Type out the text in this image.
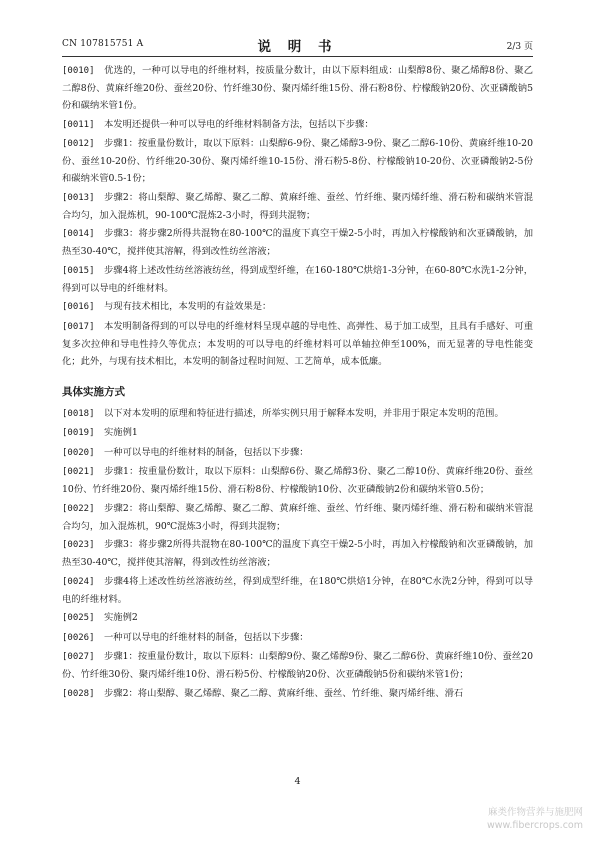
CN 107815751 A	说 明 书	2/3 页
[0010] 优选的，一种可以导电的纤维材料，按质量分数计，由以下原料组成：山梨醇8份、聚乙烯醇8份、聚乙二醇8份、黄麻纤维20份、蚕丝20份、竹纤维30份、聚丙烯纤维15份、滑石粉8份、柠檬酸钠20份、次亚磷酸钠5份和碳纳米管1份。
[0011] 本发明还提供一种可以导电的纤维材料制备方法，包括以下步骤：
[0012] 步骤1：按重量份数计，取以下原料：山梨醇6-9份、聚乙烯醇3-9份、聚乙二醇6-10份、黄麻纤维10-20份、蚕丝10-20份、竹纤维20-30份、聚丙烯纤维10-15份、滑石粉5-8份、柠檬酸钠10-20份、次亚磷酸钠2-5份和碳纳米管0.5-1份；
[0013] 步骤2：将山梨醇、聚乙烯醇、聚乙二醇、黄麻纤维、蚕丝、竹纤维、聚丙烯纤维、滑石粉和碳纳米管混合均匀，加入混炼机，90-100℃混炼2-3小时，得到共混物；
[0014] 步骤3：将步骤2所得共混物在80-100℃的温度下真空干燥2-5小时，再加入柠檬酸钠和次亚磷酸钠，加热至30-40℃，搅拌使其溶解，得到改性纺丝溶液；
[0015] 步骤4将上述改性纺丝溶液纺丝，得到成型纤维，在160-180℃烘焙1-3分钟，在60-80℃水洗1-2分钟，得到可以导电的纤维材料。
[0016] 与现有技术相比，本发明的有益效果是：
[0017] 本发明制备得到的可以导电的纤维材料呈现卓越的导电性、高弹性、易于加工成型，且具有手感好、可重复多次拉伸和导电性持久等优点；本发明的可以导电的纤维材料可以单轴拉伸至100%，而无显著的导电性能变化；此外，与现有技术相比，本发明的制备过程时间短、工艺简单，成本低廉。
具体实施方式
[0018] 以下对本发明的原理和特征进行描述，所举实例只用于解释本发明，并非用于限定本发明的范围。
[0019] 实施例1
[0020] 一种可以导电的纤维材料的制备，包括以下步骤：
[0021] 步骤1：按重量份数计，取以下原料：山梨醇6份、聚乙烯醇3份、聚乙二醇10份、黄麻纤维20份、蚕丝10份、竹纤维20份、聚丙烯纤维15份、滑石粉8份、柠檬酸钠10份、次亚磷酸钠2份和碳纳米管0.5份；
[0022] 步骤2：将山梨醇、聚乙烯醇、聚乙二醇、黄麻纤维、蚕丝、竹纤维、聚丙烯纤维、滑石粉和碳纳米管混合均匀，加入混炼机，90℃混炼3小时，得到共混物；
[0023] 步骤3：将步骤2所得共混物在80-100℃的温度下真空干燥2-5小时，再加入柠檬酸钠和次亚磷酸钠，加热至30-40℃，搅拌使其溶解，得到改性纺丝溶液；
[0024] 步骤4将上述改性纺丝溶液纺丝，得到成型纤维，在180℃烘焙1分钟，在80℃水洗2分钟，得到可以导电的纤维材料。
[0025] 实施例2
[0026] 一种可以导电的纤维材料的制备，包括以下步骤：
[0027] 步骤1：按重量份数计，取以下原料：山梨醇9份、聚乙烯醇9份、聚乙二醇6份、黄麻纤维10份、蚕丝20份、竹纤维30份、聚丙烯纤维10份、滑石粉5份、柠檬酸钠20份、次亚磷酸钠5份和碳纳米管1份；
[0028] 步骤2：将山梨醇、聚乙烯醇、聚乙二醇、黄麻纤维、蚕丝、竹纤维、聚丙烯纤维、滑石
4
麻类作物营养与施肥网
www.fibercrops.com
